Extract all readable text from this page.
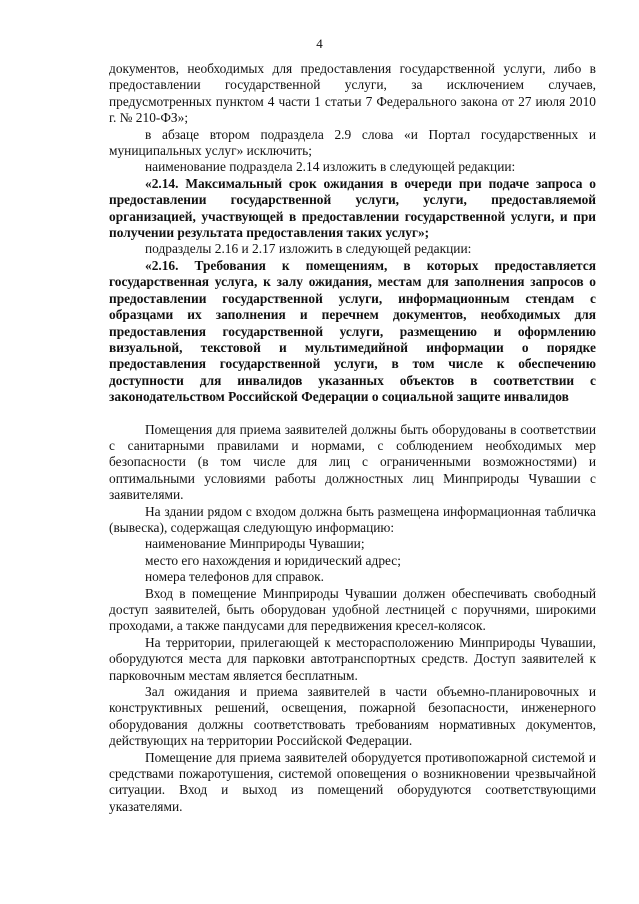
4

документов, необходимых для предоставления государственной услуги, либо в предоставлении государственной услуги, за исключением случаев, предусмотренных пунктом 4 части 1 статьи 7 Федерального закона от 27 июля 2010 г. № 210-ФЗ»;

в абзаце втором подраздела 2.9 слова «и Портал государственных и муниципальных услуг» исключить;

наименование подраздела 2.14 изложить в следующей редакции:

«2.14. Максимальный срок ожидания в очереди при подаче запроса о предоставлении государственной услуги, услуги, предоставляемой организацией, участвующей в предоставлении государственной услуги, и при получении результата предоставления таких услуг»;

подразделы 2.16 и 2.17 изложить в следующей редакции:

«2.16. Требования к помещениям, в которых предоставляется государственная услуга, к залу ожидания, местам для заполнения запросов о предоставлении государственной услуги, информационным стендам с образцами их заполнения и перечнем документов, необходимых для предоставления государственной услуги, размещению и оформлению визуальной, текстовой и мультимедийной информации о порядке предоставления государственной услуги, в том числе к обеспечению доступности для инвалидов указанных объектов в соответствии с законодательством Российской Федерации о социальной защите инвалидов

Помещения для приема заявителей должны быть оборудованы в соответствии с санитарными правилами и нормами, с соблюдением необходимых мер безопасности (в том числе для лиц с ограниченными возможностями) и оптимальными условиями работы должностных лиц Минприроды Чувашии с заявителями.

На здании рядом с входом должна быть размещена информационная табличка (вывеска), содержащая следующую информацию:

наименование Минприроды Чувашии;

место его нахождения и юридический адрес;

номера телефонов для справок.

Вход в помещение Минприроды Чувашии должен обеспечивать свободный доступ заявителей, быть оборудован удобной лестницей с поручнями, широкими проходами, а также пандусами для передвижения кресел-колясок.

На территории, прилегающей к месторасположению Минприроды Чувашии, оборудуются места для парковки автотранспортных средств. Доступ заявителей к парковочным местам является бесплатным.

Зал ожидания и приема заявителей в части объемно-планировочных и конструктивных решений, освещения, пожарной безопасности, инженерного оборудования должны соответствовать требованиям нормативных документов, действующих на территории Российской Федерации.

Помещение для приема заявителей оборудуется противопожарной системой и средствами пожаротушения, системой оповещения о возникновении чрезвычайной ситуации. Вход и выход из помещений оборудуются соответствующими указателями.
